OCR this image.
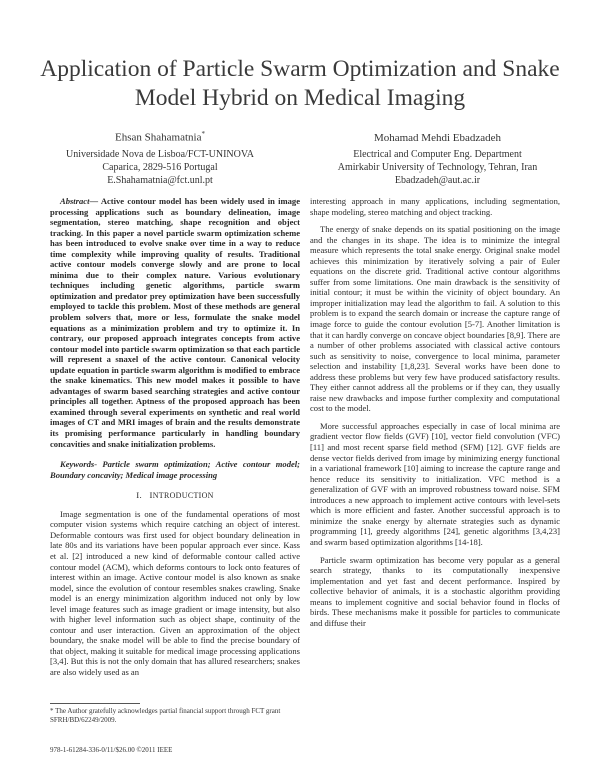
Application of Particle Swarm Optimization and Snake Model Hybrid on Medical Imaging
Ehsan Shahamatnia*
Universidade Nova de Lisboa/FCT-UNINOVA
Caparica, 2829-516 Portugal
E.Shahamatnia@fct.unl.pt
Mohamad Mehdi Ebadzadeh
Electrical and Computer Eng. Department
Amirkabir University of Technology, Tehran, Iran
Ebadzadeh@aut.ac.ir

Abstract— Active contour model has been widely used in image processing applications such as boundary delineation, image segmentation, stereo matching, shape recognition and object tracking. In this paper a novel particle swarm optimization scheme has been introduced to evolve snake over time in a way to reduce time complexity while improving quality of results. Traditional active contour models converge slowly and are prone to local minima due to their complex nature. Various evolutionary techniques including genetic algorithms, particle swarm optimization and predator prey optimization have been successfully employed to tackle this problem. Most of these methods are general problem solvers that, more or less, formulate the snake model equations as a minimization problem and try to optimize it. In contrary, our proposed approach integrates concepts from active contour model into particle swarm optimization so that each particle will represent a snaxel of the active contour. Canonical velocity update equation in particle swarm algorithm is modified to embrace the snake kinematics. This new model makes it possible to have advantages of swarm based searching strategies and active contour principles all together. Aptness of the proposed approach has been examined through several experiments on synthetic and real world images of CT and MRI images of brain and the results demonstrate its promising performance particularly in handling boundary concavities and snake initialization problems.

Keywords- Particle swarm optimization; Active contour model; Boundary concavity; Medical image processing

I. INTRODUCTION

Image segmentation is one of the fundamental operations of most computer vision systems which require catching an object of interest. Deformable contours was first used for object boundary delineation in late 80s and its variations have been popular approach ever since. Kass et al. [2] introduced a new kind of deformable contour called active contour model (ACM), which deforms contours to lock onto features of interest within an image. Active contour model is also known as snake model, since the evolution of contour resembles snakes crawling. Snake model is an energy minimization algorithm induced not only by low level image features such as image gradient or image intensity, but also with higher level information such as object shape, continuity of the contour and user interaction. Given an approximation of the object boundary, the snake model will be able to find the precise boundary of that object, making it suitable for medical image processing applications [3,4]. But this is not the only domain that has allured researchers; snakes are also widely used as an

interesting approach in many applications, including segmentation, shape modeling, stereo matching and object tracking.

The energy of snake depends on its spatial positioning on the image and the changes in its shape. The idea is to minimize the integral measure which represents the total snake energy. Original snake model achieves this minimization by iteratively solving a pair of Euler equations on the discrete grid. Traditional active contour algorithms suffer from some limitations. One main drawback is the sensitivity of initial contour; it must be within the vicinity of object boundary. An improper initialization may lead the algorithm to fail. A solution to this problem is to expand the search domain or increase the capture range of image force to guide the contour evolution [5-7]. Another limitation is that it can hardly converge on concave object boundaries [8,9]. There are a number of other problems associated with classical active contours such as sensitivity to noise, convergence to local minima, parameter selection and instability [1,8,23]. Several works have been done to address these problems but very few have produced satisfactory results. They either cannot address all the problems or if they can, they usually raise new drawbacks and impose further complexity and computational cost to the model.

More successful approaches especially in case of local minima are gradient vector flow fields (GVF) [10], vector field convolution (VFC) [11] and most recent sparse field method (SFM) [12]. GVF fields are dense vector fields derived from image by minimizing energy functional in a variational framework [10] aiming to increase the capture range and hence reduce its sensitivity to initialization. VFC method is a generalization of GVF with an improved robustness toward noise. SFM introduces a new approach to implement active contours with level-sets which is more efficient and faster. Another successful approach is to minimize the snake energy by alternate strategies such as dynamic programming [1], greedy algorithms [24], genetic algorithms [3,4,23] and swarm based optimization algorithms [14-18].

Particle swarm optimization has become very popular as a general search strategy, thanks to its computationally inexpensive implementation and yet fast and decent performance. Inspired by collective behavior of animals, it is a stochastic algorithm providing means to implement cognitive and social behavior found in flocks of birds. These mechanisms make it possible for particles to communicate and diffuse their

* The Author gratefully acknowledges partial financial support through FCT grant SFRH/BD/62249/2009.
978-1-61284-336-0/11/$26.00 ©2011 IEEE
